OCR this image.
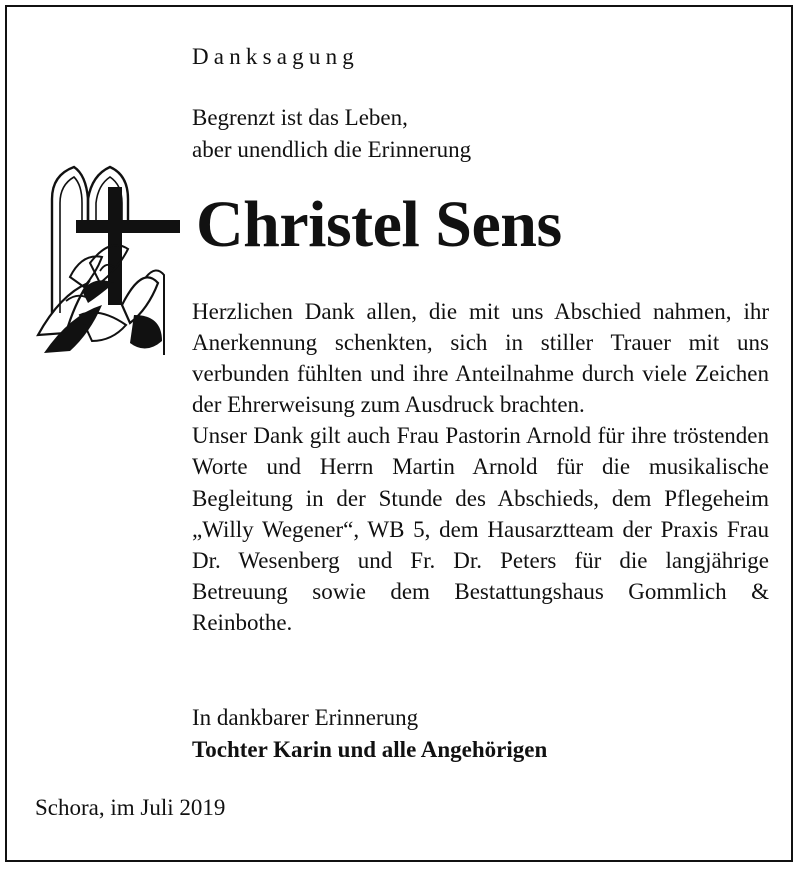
Danksagung
Begrenzt ist das Leben,
aber unendlich die Erinnerung
Christel Sens

Herzlichen Dank allen, die mit uns Abschied nahmen, ihr Anerkennung schenkten, sich in stiller Trauer mit uns verbunden fühlten und ihre Anteilnahme durch viele Zeichen der Ehrerweisung zum Ausdruck brachten.

Unser Dank gilt auch Frau Pastorin Arnold für ihre tröstenden Worte und Herrn Martin Arnold für die musikalische Begleitung in der Stunde des Abschieds, dem Pflegeheim „Willy Wegener“, WB 5, dem Hausarztteam der Praxis Frau Dr. Wesenberg und Fr. Dr. Peters für die langjährige Betreuung sowie dem Bestattungshaus Gommlich & Reinbothe.

In dankbarer Erinnerung
Tochter Karin und alle Angehörigen
Schora, im Juli 2019
